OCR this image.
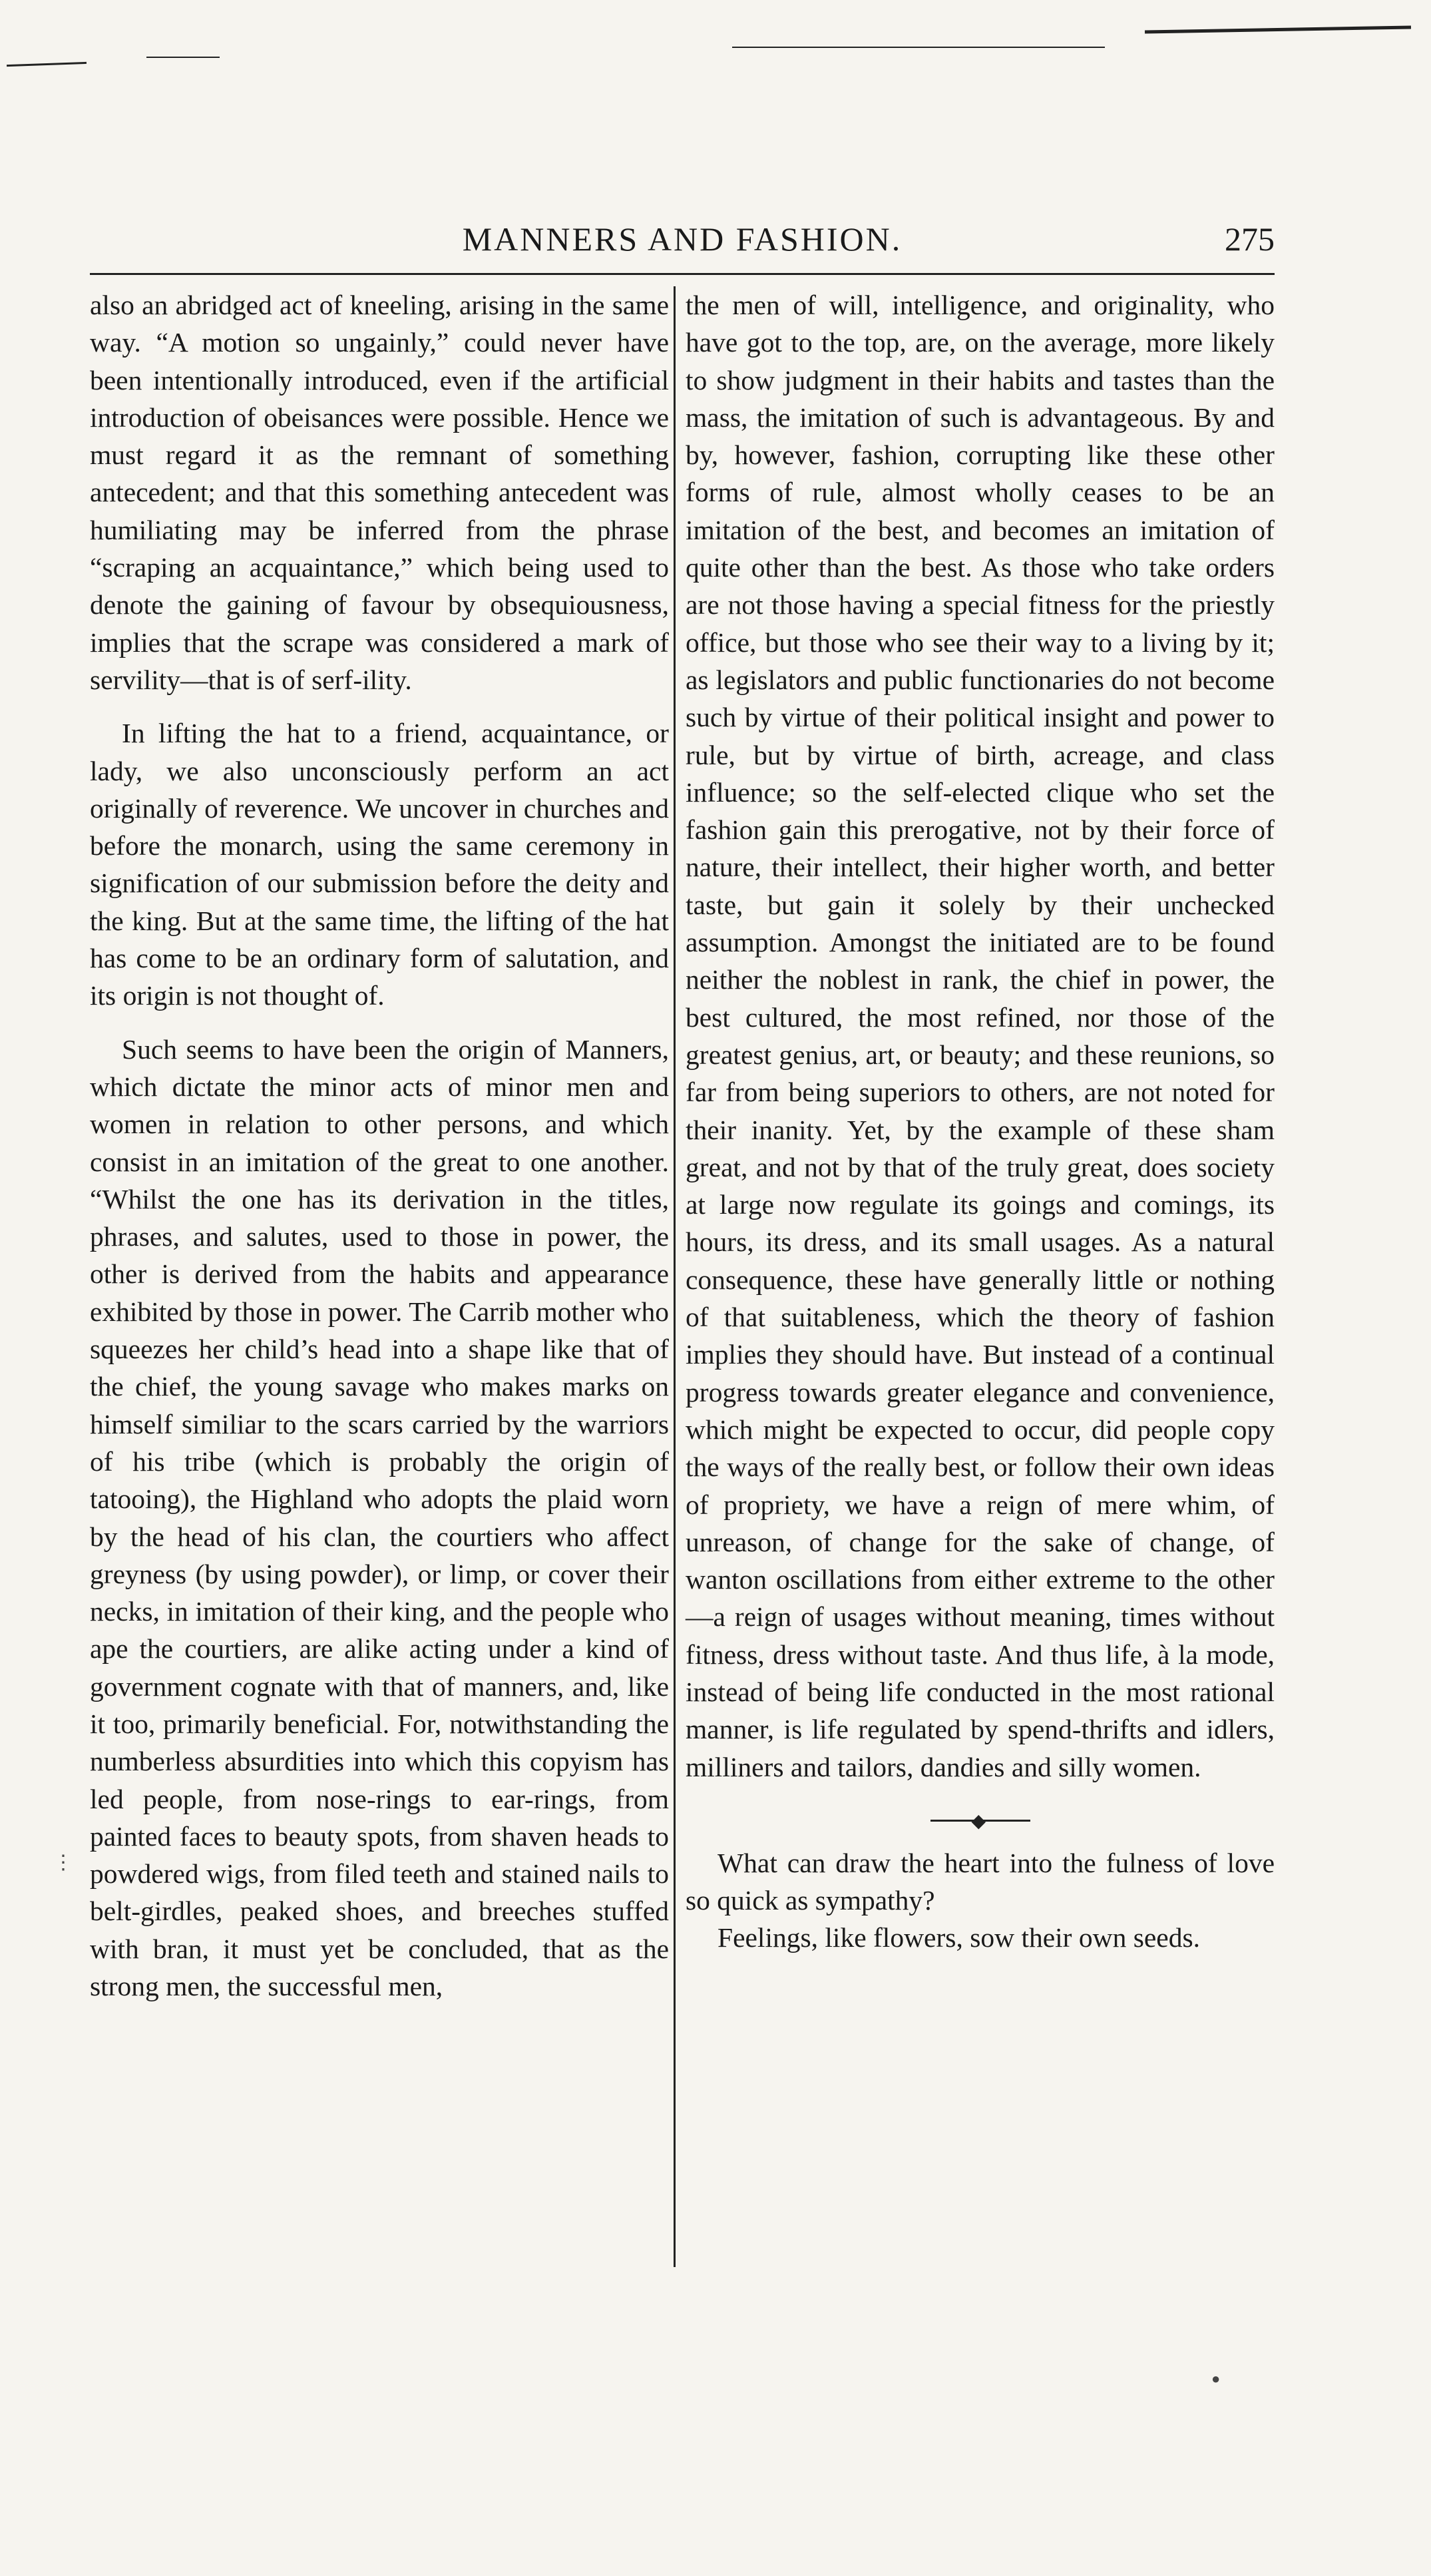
MANNERS AND FASHION.	275

also an abridged act of kneeling, arising in the same way. “A motion so ungainly,” could never have been intentionally introduced, even if the artificial introduction of obeisances were possible. Hence we must regard it as the remnant of something antecedent; and that this something antecedent was humiliating may be inferred from the phrase “scraping an acquaintance,” which being used to denote the gaining of favour by obsequiousness, implies that the scrape was considered a mark of servility—that is of serf-ility.

In lifting the hat to a friend, acquaintance, or lady, we also unconsciously perform an act originally of reverence. We uncover in churches and before the monarch, using the same ceremony in signification of our submission before the deity and the king. But at the same time, the lifting of the hat has come to be an ordinary form of salutation, and its origin is not thought of.

Such seems to have been the origin of Manners, which dictate the minor acts of minor men and women in relation to other persons, and which consist in an imitation of the great to one another. “Whilst the one has its derivation in the titles, phrases, and salutes, used to those in power, the other is derived from the habits and appearance exhibited by those in power. The Carrib mother who squeezes her child’s head into a shape like that of the chief, the young savage who makes marks on himself similiar to the scars carried by the warriors of his tribe (which is probably the origin of tatooing), the Highland who adopts the plaid worn by the head of his clan, the courtiers who affect greyness (by using powder), or limp, or cover their necks, in imitation of their king, and the people who ape the courtiers, are alike acting under a kind of government cognate with that of manners, and, like it too, primarily beneficial. For, notwithstanding the numberless absurdities into which this copyism has led people, from nose-rings to ear-rings, from painted faces to beauty spots, from shaven heads to powdered wigs, from filed teeth and stained nails to belt-girdles, peaked shoes, and breeches stuffed with bran, it must yet be concluded, that as the strong men, the successful men,

the men of will, intelligence, and originality, who have got to the top, are, on the average, more likely to show judgment in their habits and tastes than the mass, the imitation of such is advantageous. By and by, however, fashion, corrupting like these other forms of rule, almost wholly ceases to be an imitation of the best, and becomes an imitation of quite other than the best. As those who take orders are not those having a special fitness for the priestly office, but those who see their way to a living by it; as legislators and public functionaries do not become such by virtue of their political insight and power to rule, but by virtue of birth, acreage, and class influence; so the self-elected clique who set the fashion gain this prerogative, not by their force of nature, their intellect, their higher worth, and better taste, but gain it solely by their unchecked assumption. Amongst the initiated are to be found neither the noblest in rank, the chief in power, the best cultured, the most refined, nor those of the greatest genius, art, or beauty; and these reunions, so far from being superiors to others, are not noted for their inanity. Yet, by the example of these sham great, and not by that of the truly great, does society at large now regulate its goings and comings, its hours, its dress, and its small usages. As a natural consequence, these have generally little or nothing of that suitableness, which the theory of fashion implies they should have. But instead of a continual progress towards greater elegance and convenience, which might be expected to occur, did people copy the ways of the really best, or follow their own ideas of propriety, we have a reign of mere whim, of unreason, of change for the sake of change, of wanton oscillations from either extreme to the other—a reign of usages without meaning, times without fitness, dress without taste. And thus life, à la mode, instead of being life conducted in the most rational manner, is life regulated by spend-thrifts and idlers, milliners and tailors, dandies and silly women.

◆

What can draw the heart into the fulness of love so quick as sympathy?

Feelings, like flowers, sow their own seeds.

⋮
●
